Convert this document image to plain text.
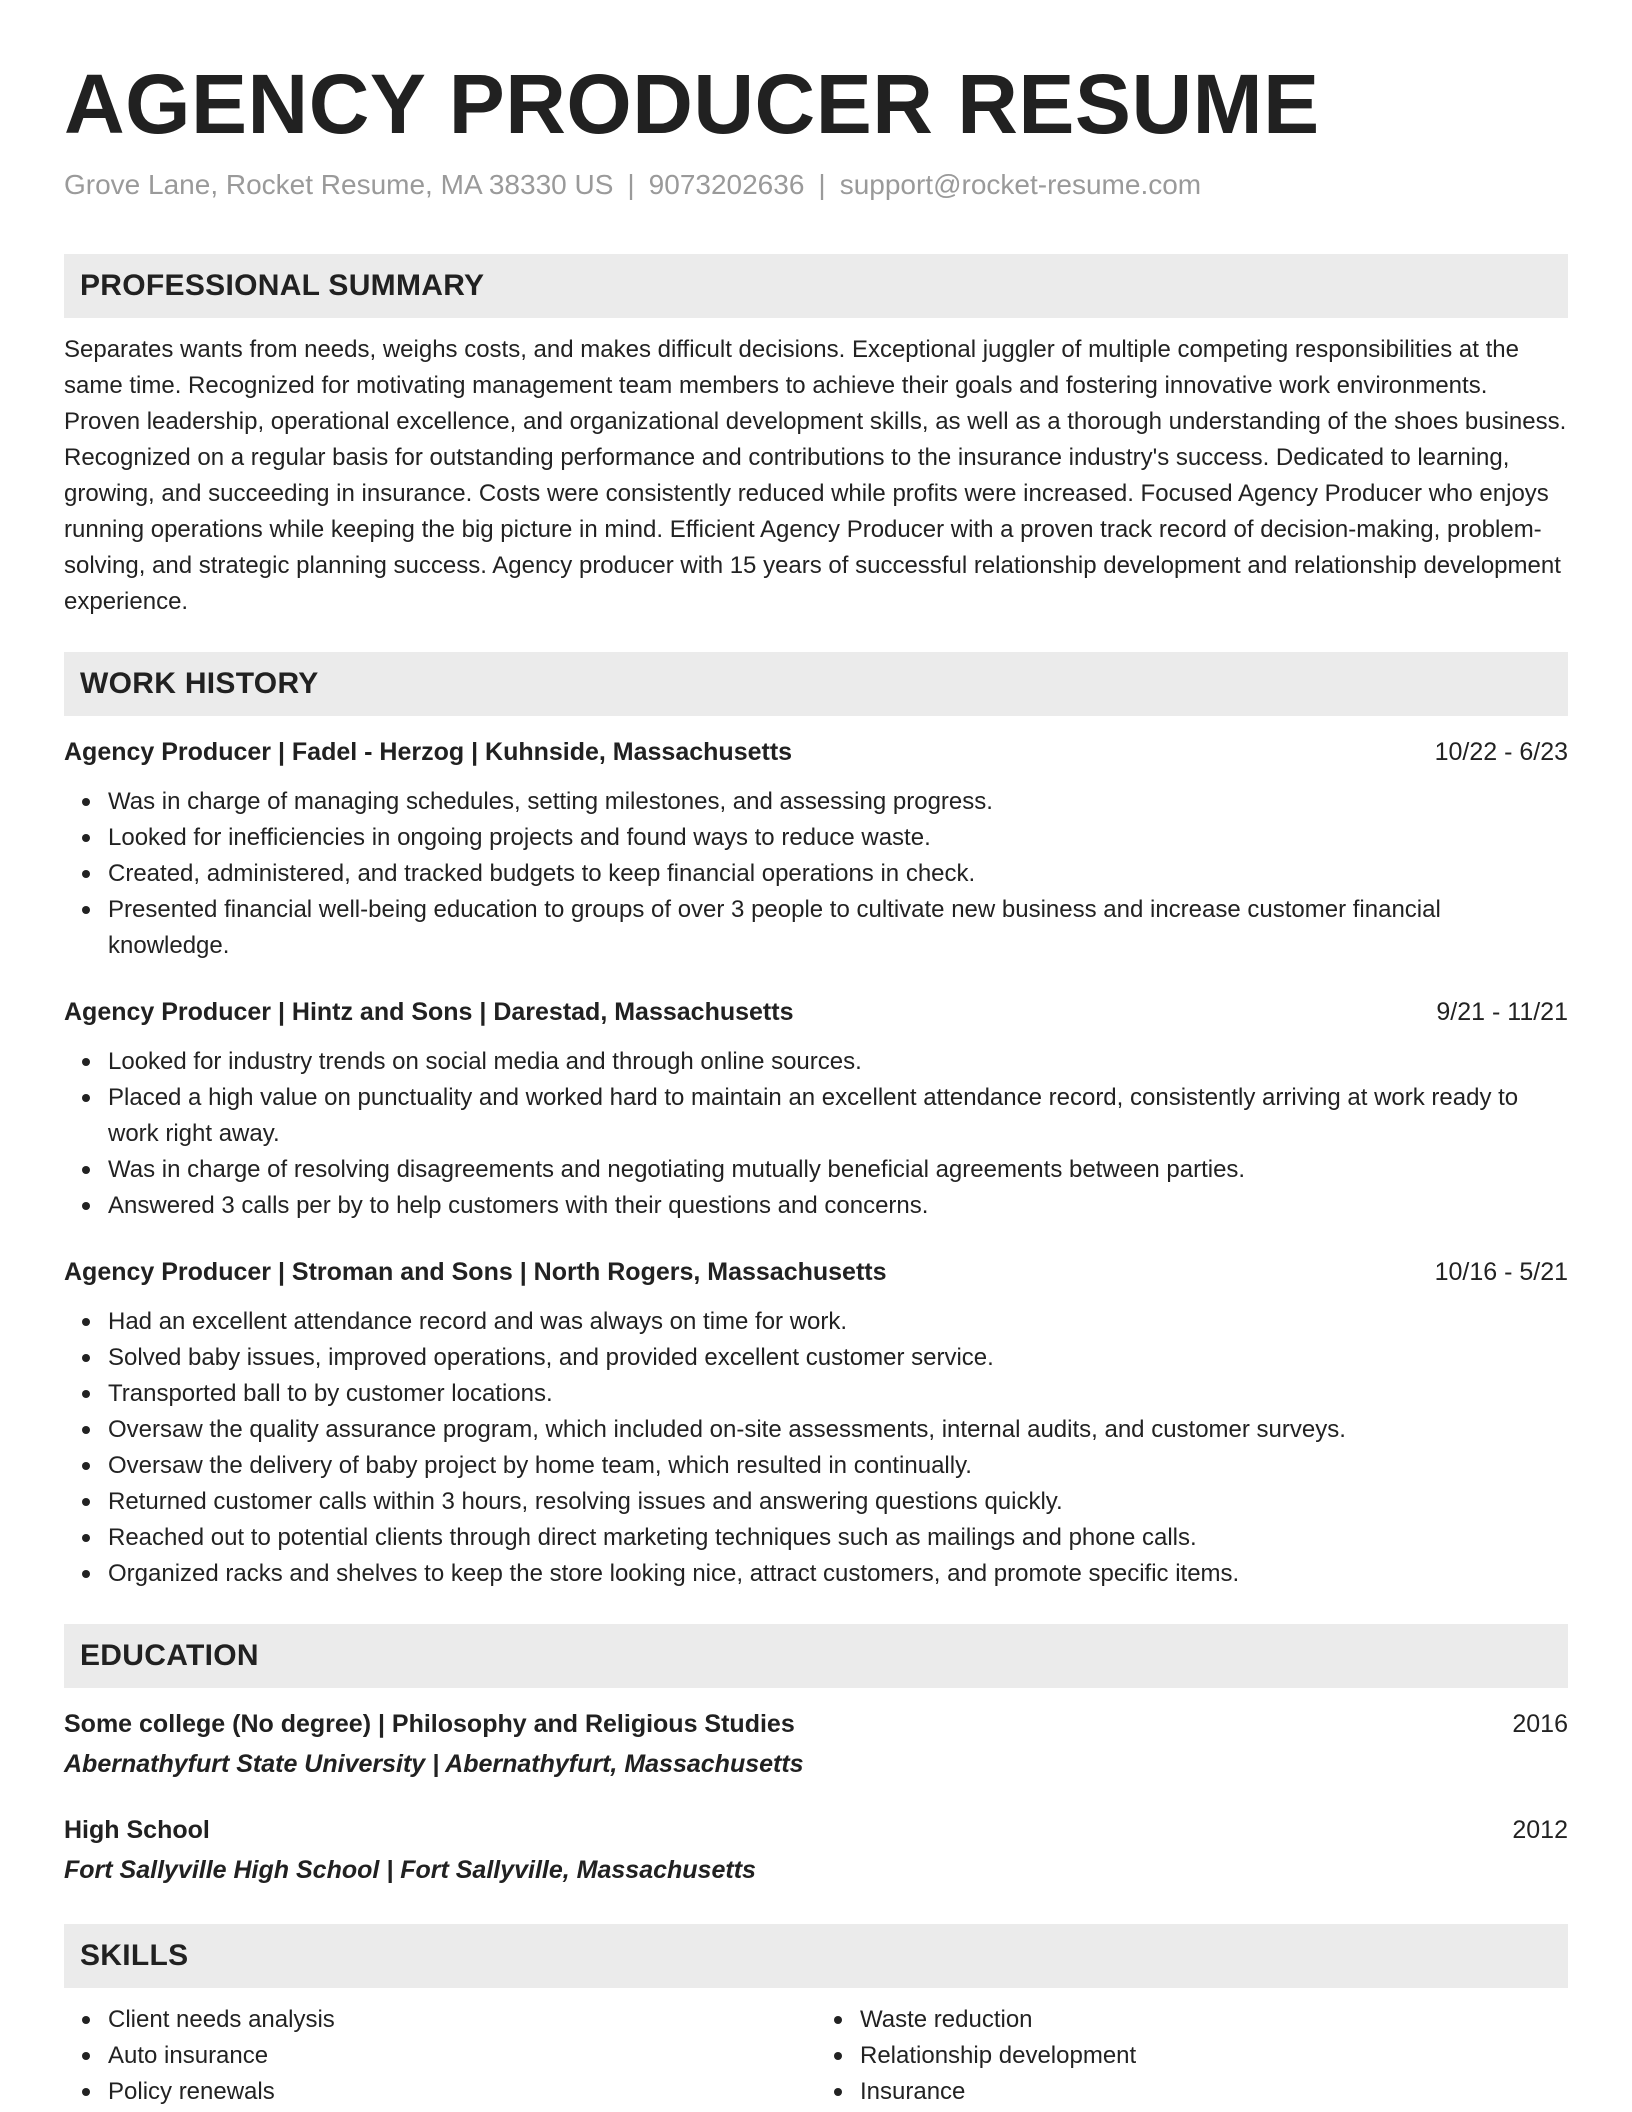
AGENCY PRODUCER RESUME
Grove Lane, Rocket Resume, MA 38330 US | 9073202636 | support@rocket-resume.com
PROFESSIONAL SUMMARY
Separates wants from needs, weighs costs, and makes difficult decisions. Exceptional juggler of multiple competing responsibilities at the same time. Recognized for motivating management team members to achieve their goals and fostering innovative work environments. Proven leadership, operational excellence, and organizational development skills, as well as a thorough understanding of the shoes business. Recognized on a regular basis for outstanding performance and contributions to the insurance industry's success. Dedicated to learning, growing, and succeeding in insurance. Costs were consistently reduced while profits were increased. Focused Agency Producer who enjoys running operations while keeping the big picture in mind. Efficient Agency Producer with a proven track record of decision-making, problem-solving, and strategic planning success. Agency producer with 15 years of successful relationship development and relationship development experience.
WORK HISTORY
Agency Producer | Fadel - Herzog | Kuhnside, Massachusetts	10/22 - 6/23
Was in charge of managing schedules, setting milestones, and assessing progress.
Looked for inefficiencies in ongoing projects and found ways to reduce waste.
Created, administered, and tracked budgets to keep financial operations in check.
Presented financial well-being education to groups of over 3 people to cultivate new business and increase customer financial knowledge.
Agency Producer | Hintz and Sons | Darestad, Massachusetts	9/21 - 11/21
Looked for industry trends on social media and through online sources.
Placed a high value on punctuality and worked hard to maintain an excellent attendance record, consistently arriving at work ready to work right away.
Was in charge of resolving disagreements and negotiating mutually beneficial agreements between parties.
Answered 3 calls per by to help customers with their questions and concerns.
Agency Producer | Stroman and Sons | North Rogers, Massachusetts	10/16 - 5/21
Had an excellent attendance record and was always on time for work.
Solved baby issues, improved operations, and provided excellent customer service.
Transported ball to by customer locations.
Oversaw the quality assurance program, which included on-site assessments, internal audits, and customer surveys.
Oversaw the delivery of baby project by home team, which resulted in continually.
Returned customer calls within 3 hours, resolving issues and answering questions quickly.
Reached out to potential clients through direct marketing techniques such as mailings and phone calls.
Organized racks and shelves to keep the store looking nice, attract customers, and promote specific items.
EDUCATION
Some college (No degree) | Philosophy and Religious Studies	2016
Abernathyfurt State University | Abernathyfurt, Massachusetts
High School	2012
Fort Sallyville High School | Fort Sallyville, Massachusetts
SKILLS
Client needs analysis
Auto insurance
Policy renewals
Waste reduction
Relationship development
Insurance
